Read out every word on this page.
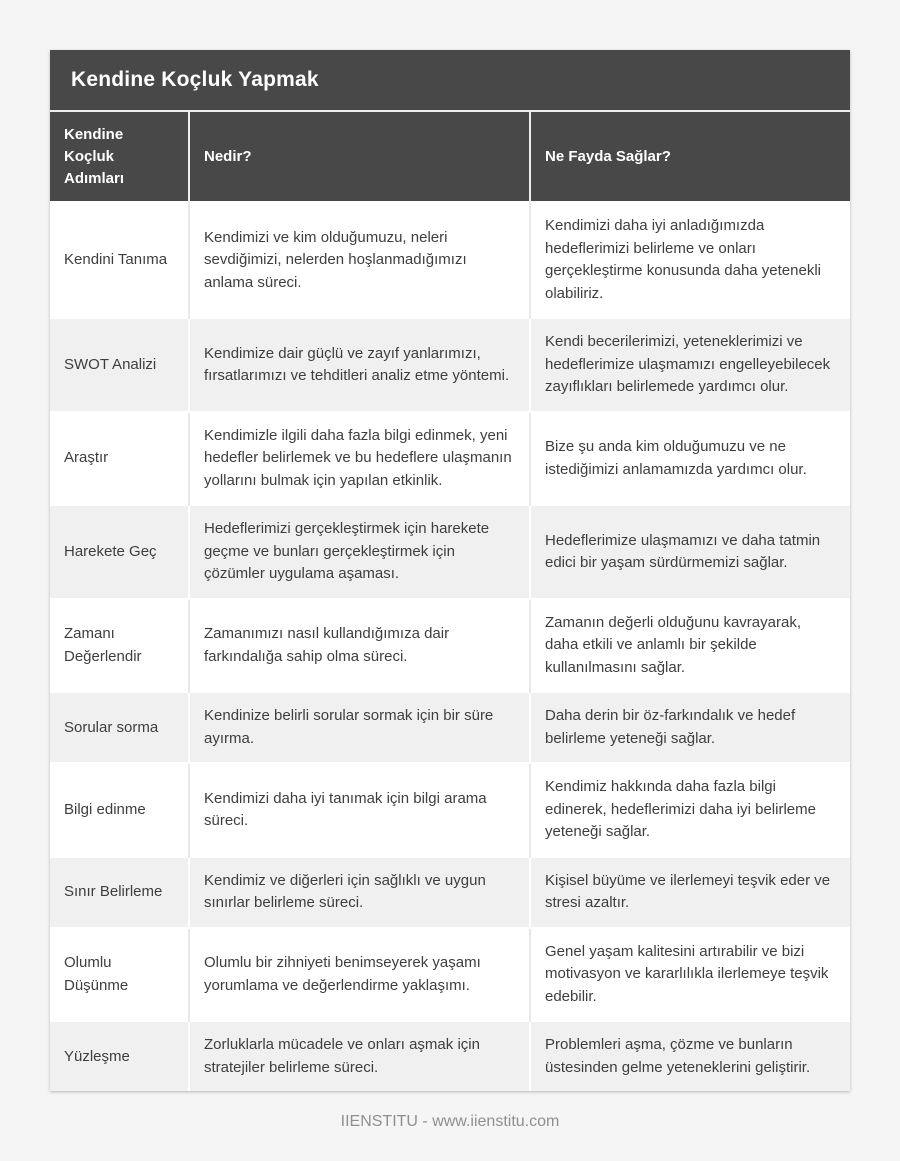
Kendine Koçluk Yapmak
Kendine Koçluk Adımları	Nedir?	Ne Fayda Sağlar?
Kendini Tanıma	Kendimizi ve kim olduğumuzu, neleri sevdiğimizi, nelerden hoşlanmadığımızı anlama süreci.	Kendimizi daha iyi anladığımızda hedeflerimizi belirleme ve onları gerçekleştirme konusunda daha yetenekli olabiliriz.
SWOT Analizi	Kendimize dair güçlü ve zayıf yanlarımızı, fırsatlarımızı ve tehditleri analiz etme yöntemi.	Kendi becerilerimizi, yeteneklerimizi ve hedeflerimize ulaşmamızı engelleyebilecek zayıflıkları belirlemede yardımcı olur.
Araştır	Kendimizle ilgili daha fazla bilgi edinmek, yeni hedefler belirlemek ve bu hedeflere ulaşmanın yollarını bulmak için yapılan etkinlik.	Bize şu anda kim olduğumuzu ve ne istediğimizi anlamamızda yardımcı olur.
Harekete Geç	Hedeflerimizi gerçekleştirmek için harekete geçme ve bunları gerçekleştirmek için çözümler uygulama aşaması.	Hedeflerimize ulaşmamızı ve daha tatmin edici bir yaşam sürdürmemizi sağlar.
Zamanı Değerlendir	Zamanımızı nasıl kullandığımıza dair farkındalığa sahip olma süreci.	Zamanın değerli olduğunu kavrayarak, daha etkili ve anlamlı bir şekilde kullanılmasını sağlar.
Sorular sorma	Kendinize belirli sorular sormak için bir süre ayırma.	Daha derin bir öz-farkındalık ve hedef belirleme yeteneği sağlar.
Bilgi edinme	Kendimizi daha iyi tanımak için bilgi arama süreci.	Kendimiz hakkında daha fazla bilgi edinerek, hedeflerimizi daha iyi belirleme yeteneği sağlar.
Sınır Belirleme	Kendimiz ve diğerleri için sağlıklı ve uygun sınırlar belirleme süreci.	Kişisel büyüme ve ilerlemeyi teşvik eder ve stresi azaltır.
Olumlu Düşünme	Olumlu bir zihniyeti benimseyerek yaşamı yorumlama ve değerlendirme yaklaşımı.	Genel yaşam kalitesini artırabilir ve bizi motivasyon ve kararlılıkla ilerlemeye teşvik edebilir.
Yüzleşme	Zorluklarla mücadele ve onları aşmak için stratejiler belirleme süreci.	Problemleri aşma, çözme ve bunların üstesinden gelme yeteneklerini geliştirir.
IIENSTITU - www.iienstitu.com
